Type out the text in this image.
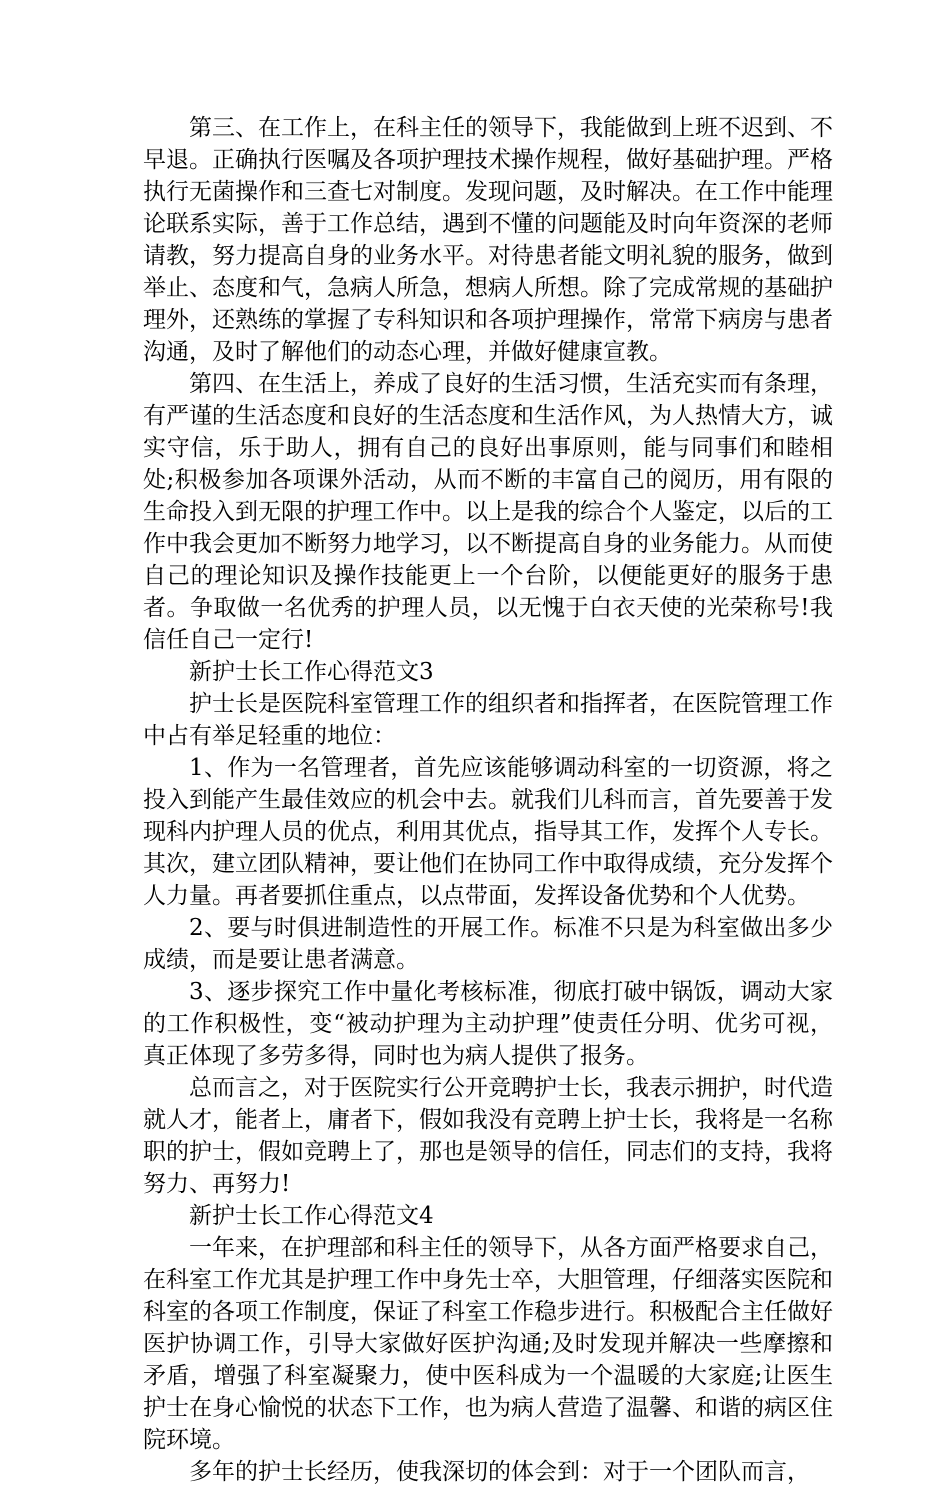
第三、在工作上，在科主任的领导下，我能做到上班不迟到、不早退。正确执行医嘱及各项护理技术操作规程，做好基础护理。严格执行无菌操作和三查七对制度。发现问题，及时解决。在工作中能理论联系实际，善于工作总结，遇到不懂的问题能及时向年资深的老师请教，努力提高自身的业务水平。对待患者能文明礼貌的服务，做到举止、态度和气，急病人所急，想病人所想。除了完成常规的基础护理外，还熟练的掌握了专科知识和各项护理操作，常常下病房与患者沟通，及时了解他们的动态心理，并做好健康宣教。

第四、在生活上，养成了良好的生活习惯，生活充实而有条理，有严谨的生活态度和良好的生活态度和生活作风，为人热情大方，诚实守信，乐于助人，拥有自己的良好出事原则，能与同事们和睦相处;积极参加各项课外活动，从而不断的丰富自己的阅历，用有限的生命投入到无限的护理工作中。以上是我的综合个人鉴定，以后的工作中我会更加不断努力地学习，以不断提高自身的业务能力。从而使自己的理论知识及操作技能更上一个台阶，以便能更好的服务于患者。争取做一名优秀的护理人员，以无愧于白衣天使的光荣称号!我信任自己一定行!

新护士长工作心得范文3

护士长是医院科室管理工作的组织者和指挥者，在医院管理工作中占有举足轻重的地位：

1、作为一名管理者，首先应该能够调动科室的一切资源，将之投入到能产生最佳效应的机会中去。就我们儿科而言，首先要善于发现科内护理人员的优点，利用其优点，指导其工作，发挥个人专长。其次，建立团队精神，要让他们在协同工作中取得成绩，充分发挥个人力量。再者要抓住重点，以点带面，发挥设备优势和个人优势。

2、要与时俱进制造性的开展工作。标准不只是为科室做出多少成绩，而是要让患者满意。

3、逐步探究工作中量化考核标准，彻底打破中锅饭，调动大家的工作积极性，变“被动护理为主动护理”使责任分明、优劣可视，真正体现了多劳多得，同时也为病人提供了报务。

总而言之，对于医院实行公开竞聘护士长，我表示拥护，时代造就人才，能者上，庸者下，假如我没有竞聘上护士长，我将是一名称职的护士，假如竞聘上了，那也是领导的信任，同志们的支持，我将努力、再努力!

新护士长工作心得范文4

一年来，在护理部和科主任的领导下，从各方面严格要求自己，在科室工作尤其是护理工作中身先士卒，大胆管理，仔细落实医院和科室的各项工作制度，保证了科室工作稳步进行。积极配合主任做好医护协调工作，引导大家做好医护沟通;及时发现并解决一些摩擦和矛盾，增强了科室凝聚力，使中医科成为一个温暖的大家庭;让医生护士在身心愉悦的状态下工作，也为病人营造了温馨、和谐的病区住院环境。

多年的护士长经历，使我深切的体会到：对于一个团队而言，
